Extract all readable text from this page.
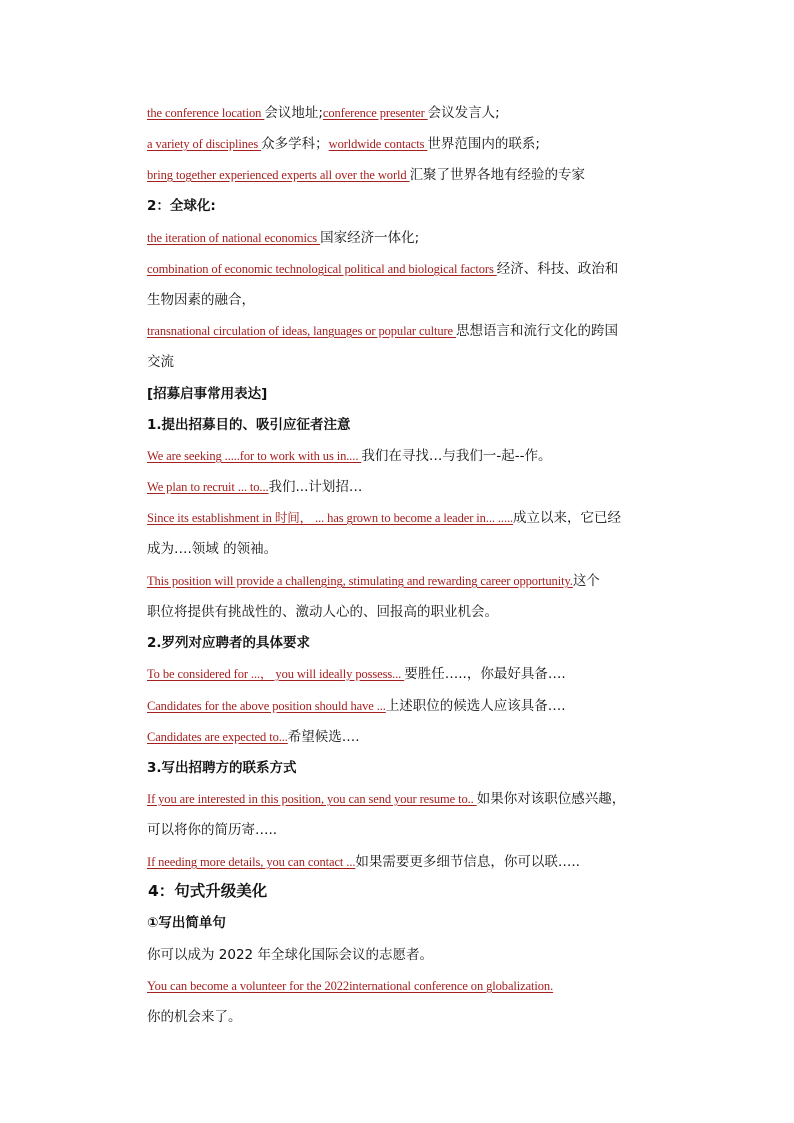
the conference location 会议地址;conference presenter 会议发言人;
a variety of disciplines 众多学科；worldwide contacts 世界范围内的联系;
bring together experienced experts all over the world 汇聚了世界各地有经验的专家
2：全球化:
the iteration of national economics 国家经济一体化;
combination of economic technological political and biological factors 经济、科技、政治和
生物因素的融合，
transnational circulation of ideas, languages or popular culture 思想语言和流行文化的跨国
交流
[招募启事常用表达]
1.提出招募目的、吸引应征者注意
We are seeking .....for to work with us in.... 我们在寻找…与我们一-起--作。
We plan to recruit ... to...我们...计划招…
Since its establishment in 时间， ... has grown to become a leader in... .....成立以来，它已经
成为….领域 的领袖。
This position will provide a challenging, stimulating and rewarding career opportunity.这个
职位将提供有挑战性的、激动人心的、回报高的职业机会。
2.罗列对应聘者的具体要求
To be considered for ...， you will ideally possess... 要胜任…..，你最好具备….
Candidates for the above position should have ...上述职位的候选人应该具备….
Candidates are expected to...希望候选….
3.写出招聘方的联系方式
If you are interested in this position, you can send your resume to.. 如果你对该职位感兴趣，
可以将你的简历寄…..
If needing more details, you can contact ...如果需要更多细节信息，你可以联…..
4：句式升级美化
①写出简单句
你可以成为 2022 年全球化国际会议的志愿者。
You can become a volunteer for the 2022international conference on globalization.
你的机会来了。
